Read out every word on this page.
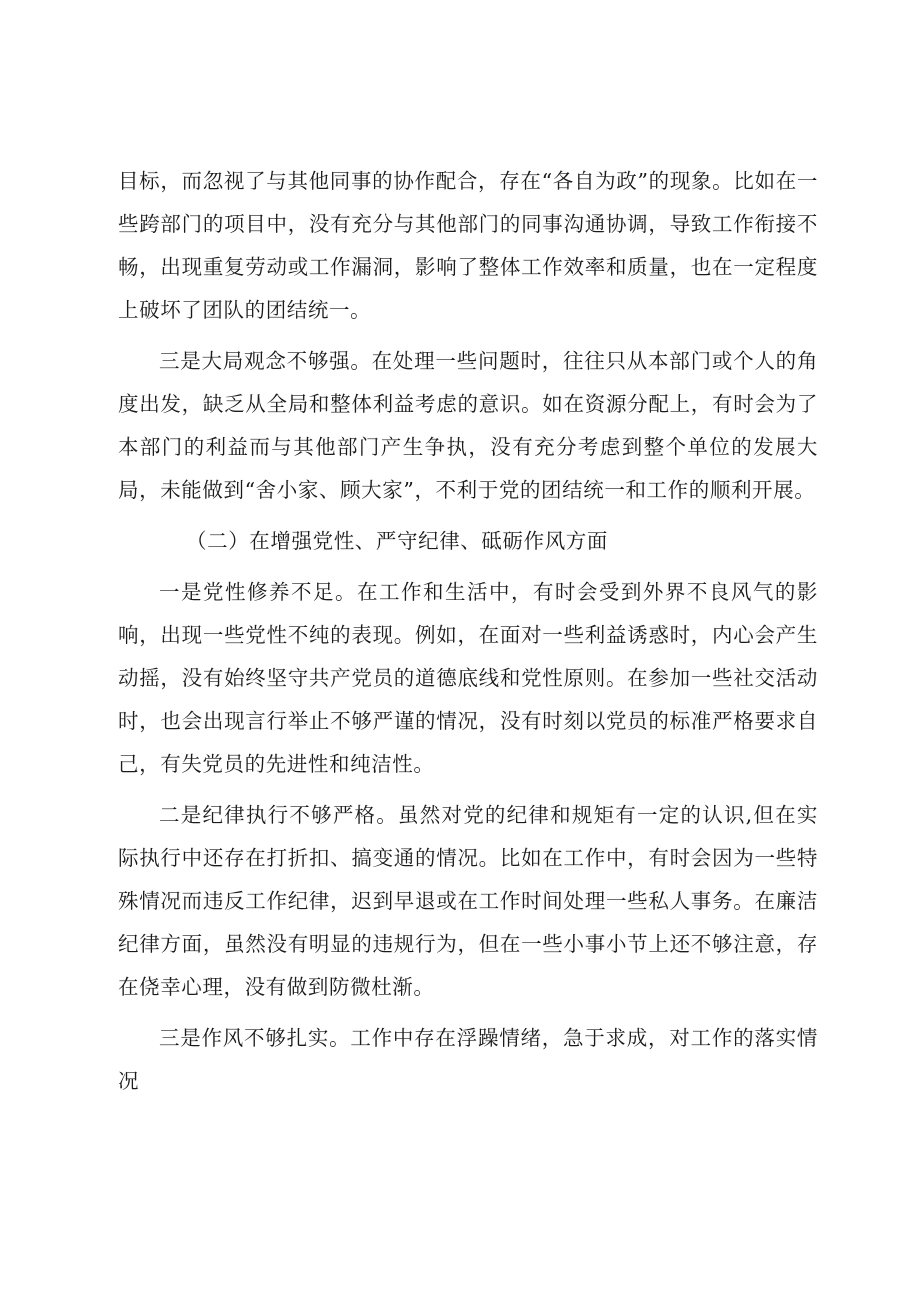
目标，而忽视了与其他同事的协作配合，存在“各自为政”的现象。比如在一些跨部门的项目中，没有充分与其他部门的同事沟通协调，导致工作衔接不畅，出现重复劳动或工作漏洞，影响了整体工作效率和质量，也在一定程度上破坏了团队的团结统一。

三是大局观念不够强。在处理一些问题时，往往只从本部门或个人的角度出发，缺乏从全局和整体利益考虑的意识。如在资源分配上，有时会为了本部门的利益而与其他部门产生争执，没有充分考虑到整个单位的发展大局，未能做到“舍小家、顾大家”，不利于党的团结统一和工作的顺利开展。

（二）在增强党性、严守纪律、砥砺作风方面

一是党性修养不足。在工作和生活中，有时会受到外界不良风气的影响，出现一些党性不纯的表现。例如，在面对一些利益诱惑时，内心会产生动摇，没有始终坚守共产党员的道德底线和党性原则。在参加一些社交活动时，也会出现言行举止不够严谨的情况，没有时刻以党员的标准严格要求自己，有失党员的先进性和纯洁性。

二是纪律执行不够严格。虽然对党的纪律和规矩有一定的认识,但在实际执行中还存在打折扣、搞变通的情况。比如在工作中，有时会因为一些特殊情况而违反工作纪律，迟到早退或在工作时间处理一些私人事务。在廉洁纪律方面，虽然没有明显的违规行为，但在一些小事小节上还不够注意，存在侥幸心理，没有做到防微杜渐。

三是作风不够扎实。工作中存在浮躁情绪，急于求成，对工作的落实情况
